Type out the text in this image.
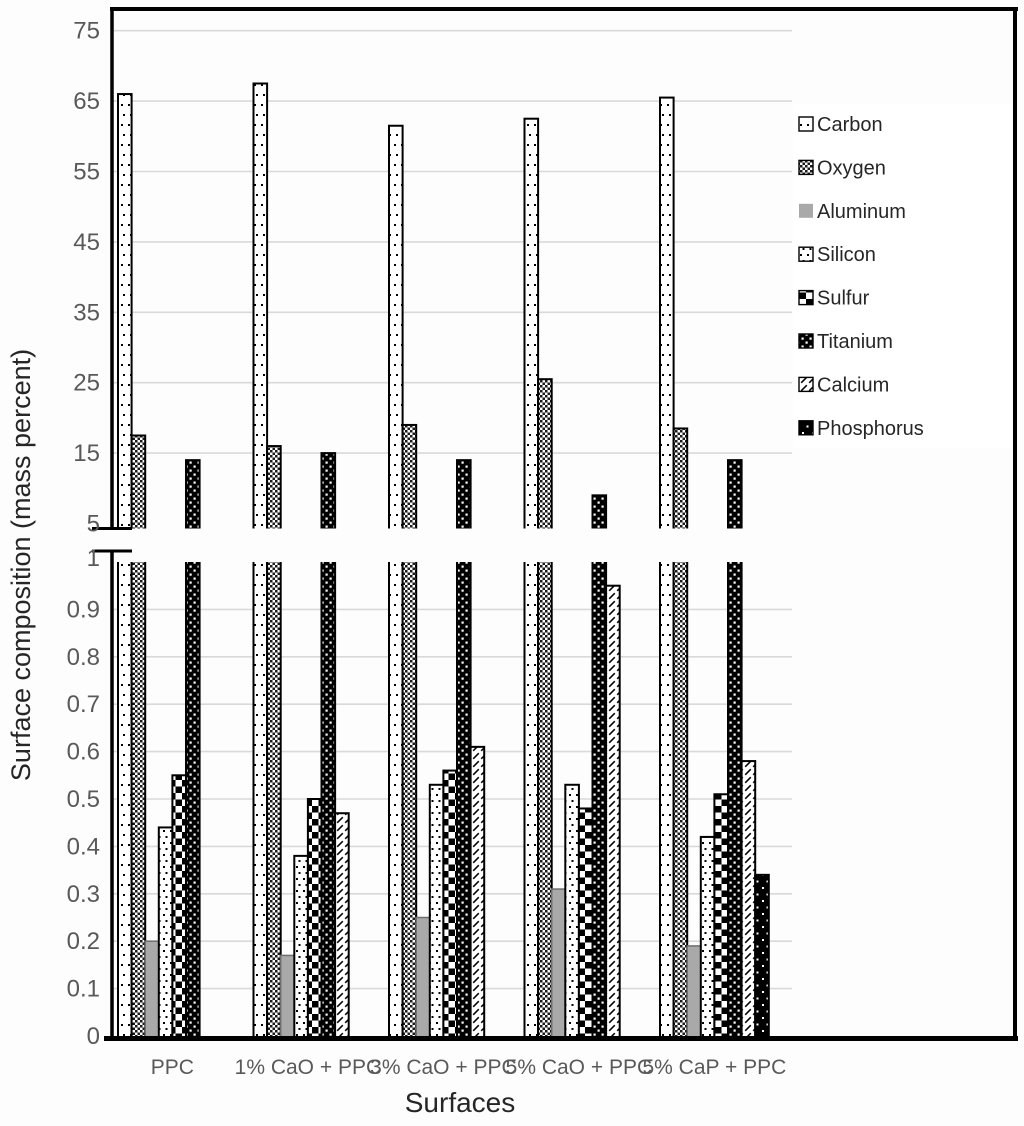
75
65
55
45
35
25
15
5
1
0.9
0.8
0.7
0.6
0.5
0.4
0.3
0.2
0.1
0
PPC 1% CaO + PPC
3% CaO + PPC
5% CaO + PPC
5% CaP + PPC
Carbon
Oxygen
Aluminum
Silicon
Sulfur
Titanium
Calcium
Phosphorus
Surface composition (mass percent)
Surfaces
